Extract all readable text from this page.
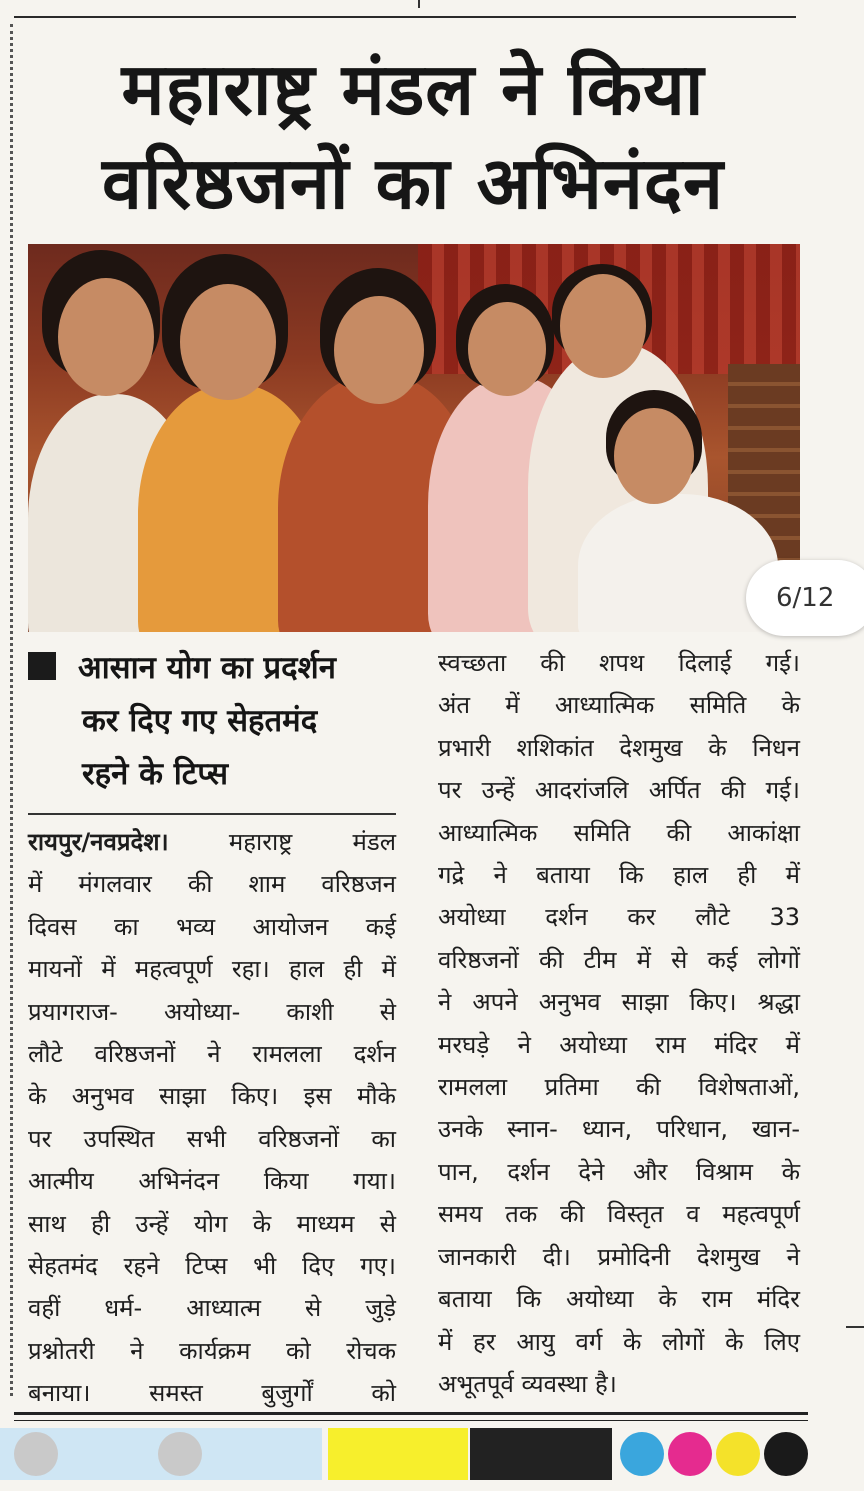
महाराष्ट्र मंडल ने किया
वरिष्ठजनों का अभिनंदन
6/12
आसान योग का प्रदर्शन
कर दिए गए सेहतमंद
रहने के टिप्स
रायपुर/नवप्रदेश।	महाराष्ट्र मंडल
में मंगलवार की शाम वरिष्ठजन
दिवस का भव्य आयोजन कई
मायनों में महत्वपूर्ण रहा। हाल ही में
प्रयागराज- अयोध्या- काशी से
लौटे वरिष्ठजनों ने रामलला दर्शन
के अनुभव साझा किए। इस मौके
पर उपस्थित सभी वरिष्ठजनों का
आत्मीय अभिनंदन किया गया।
साथ ही उन्हें योग के माध्यम से
सेहतमंद रहने टिप्स भी दिए गए।
वहीं धर्म- आध्यात्म से जुड़े
प्रश्नोतरी ने कार्यक्रम को रोचक
बनाया। समस्त बुजुर्गों को
स्वच्छता की शपथ दिलाई गई।
अंत में आध्यात्मिक समिति के
प्रभारी शशिकांत देशमुख के निधन
पर उन्हें आदरांजलि अर्पित की गई।
आध्यात्मिक समिति की आकांक्षा
गद्रे ने बताया कि हाल ही में
अयोध्या दर्शन कर लौटे 33
वरिष्ठजनों की टीम में से कई लोगों
ने अपने अनुभव साझा किए। श्रद्धा
मरघड़े ने अयोध्या राम मंदिर में
रामलला प्रतिमा की विशेषताओं,
उनके स्नान- ध्यान, परिधान, खान-
पान, दर्शन देने और विश्राम के
समय तक की विस्तृत व महत्वपूर्ण
जानकारी दी। प्रमोदिनी देशमुख ने
बताया कि अयोध्या के राम मंदिर
में हर आयु वर्ग के लोगों के लिए
अभूतपूर्व व्यवस्था है।
